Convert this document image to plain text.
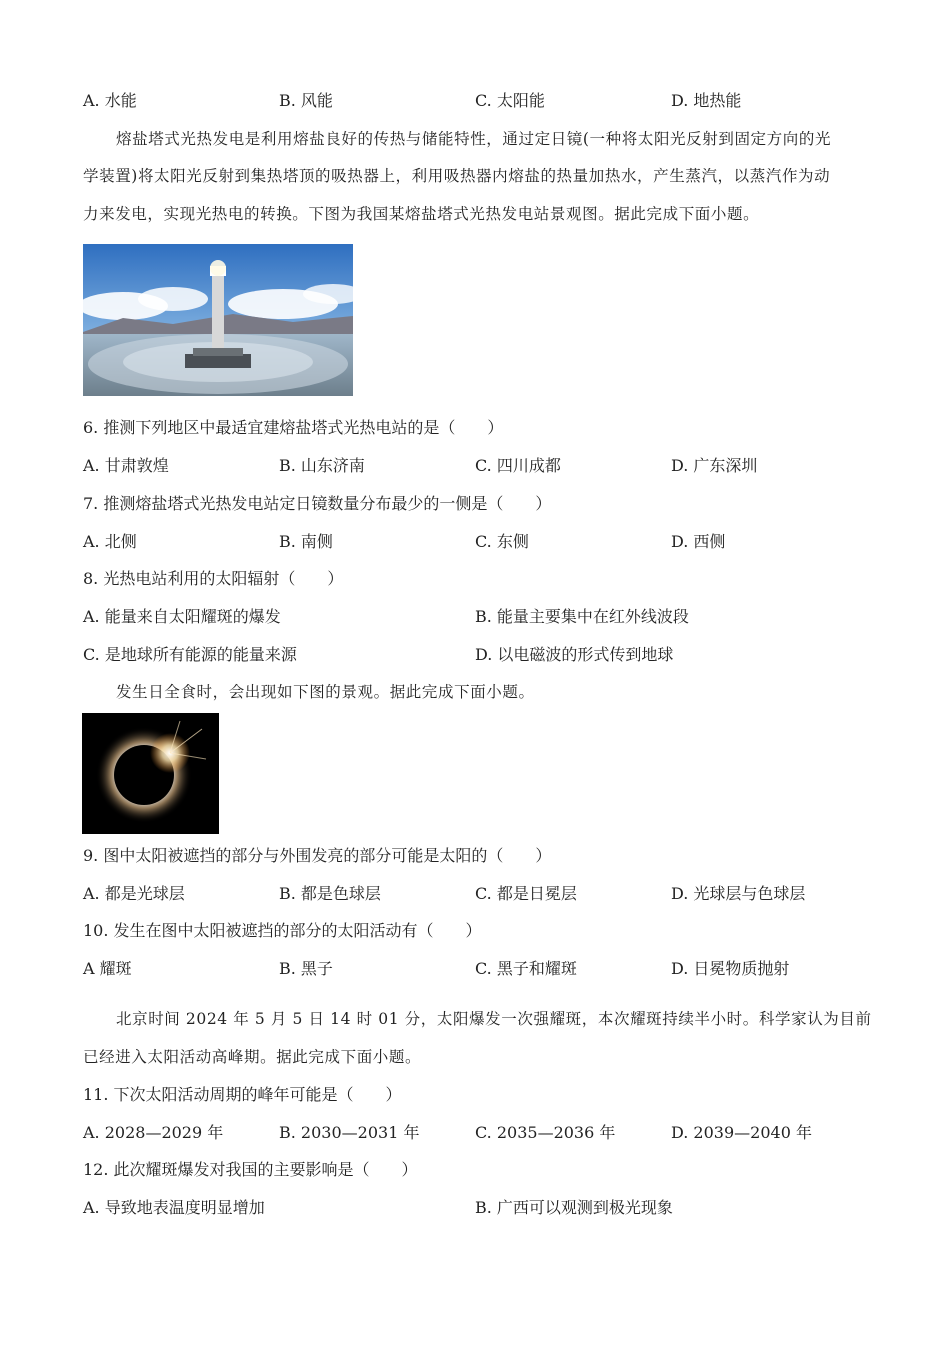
A. 水能	B. 风能	C. 太阳能	D. 地热能
熔盐塔式光热发电是利用熔盐良好的传热与储能特性，通过定日镜(一种将太阳光反射到固定方向的光
学装置)将太阳光反射到集热塔顶的吸热器上，利用吸热器内熔盐的热量加热水，产生蒸汽，以蒸汽作为动
力来发电，实现光热电的转换。下图为我国某熔盐塔式光热发电站景观图。据此完成下面小题。
6. 推测下列地区中最适宜建熔盐塔式光热电站的是（　　）
A. 甘肃敦煌	B. 山东济南	C. 四川成都	D. 广东深圳
7. 推测熔盐塔式光热发电站定日镜数量分布最少的一侧是（　　）
A. 北侧	B. 南侧	C. 东侧	D. 西侧
8. 光热电站利用的太阳辐射（　　）
A. 能量来自太阳耀斑的爆发	B. 能量主要集中在红外线波段
C. 是地球所有能源的能量来源	D. 以电磁波的形式传到地球
发生日全食时，会出现如下图的景观。据此完成下面小题。
9. 图中太阳被遮挡的部分与外围发亮的部分可能是太阳的（　　）
A. 都是光球层	B. 都是色球层	C. 都是日冕层	D. 光球层与色球层
10. 发生在图中太阳被遮挡的部分的太阳活动有（　　）
A 耀斑	B. 黑子	C. 黑子和耀斑	D. 日冕物质抛射
北京时间 2024 年 5 月 5 日 14 时 01 分，太阳爆发一次强耀斑，本次耀斑持续半小时。科学家认为目前
已经进入太阳活动高峰期。据此完成下面小题。
11. 下次太阳活动周期的峰年可能是（　　）
A. 2028—2029 年	B. 2030—2031 年	C. 2035—2036 年	D. 2039—2040 年
12. 此次耀斑爆发对我国的主要影响是（　　）
A. 导致地表温度明显增加	B. 广西可以观测到极光现象
